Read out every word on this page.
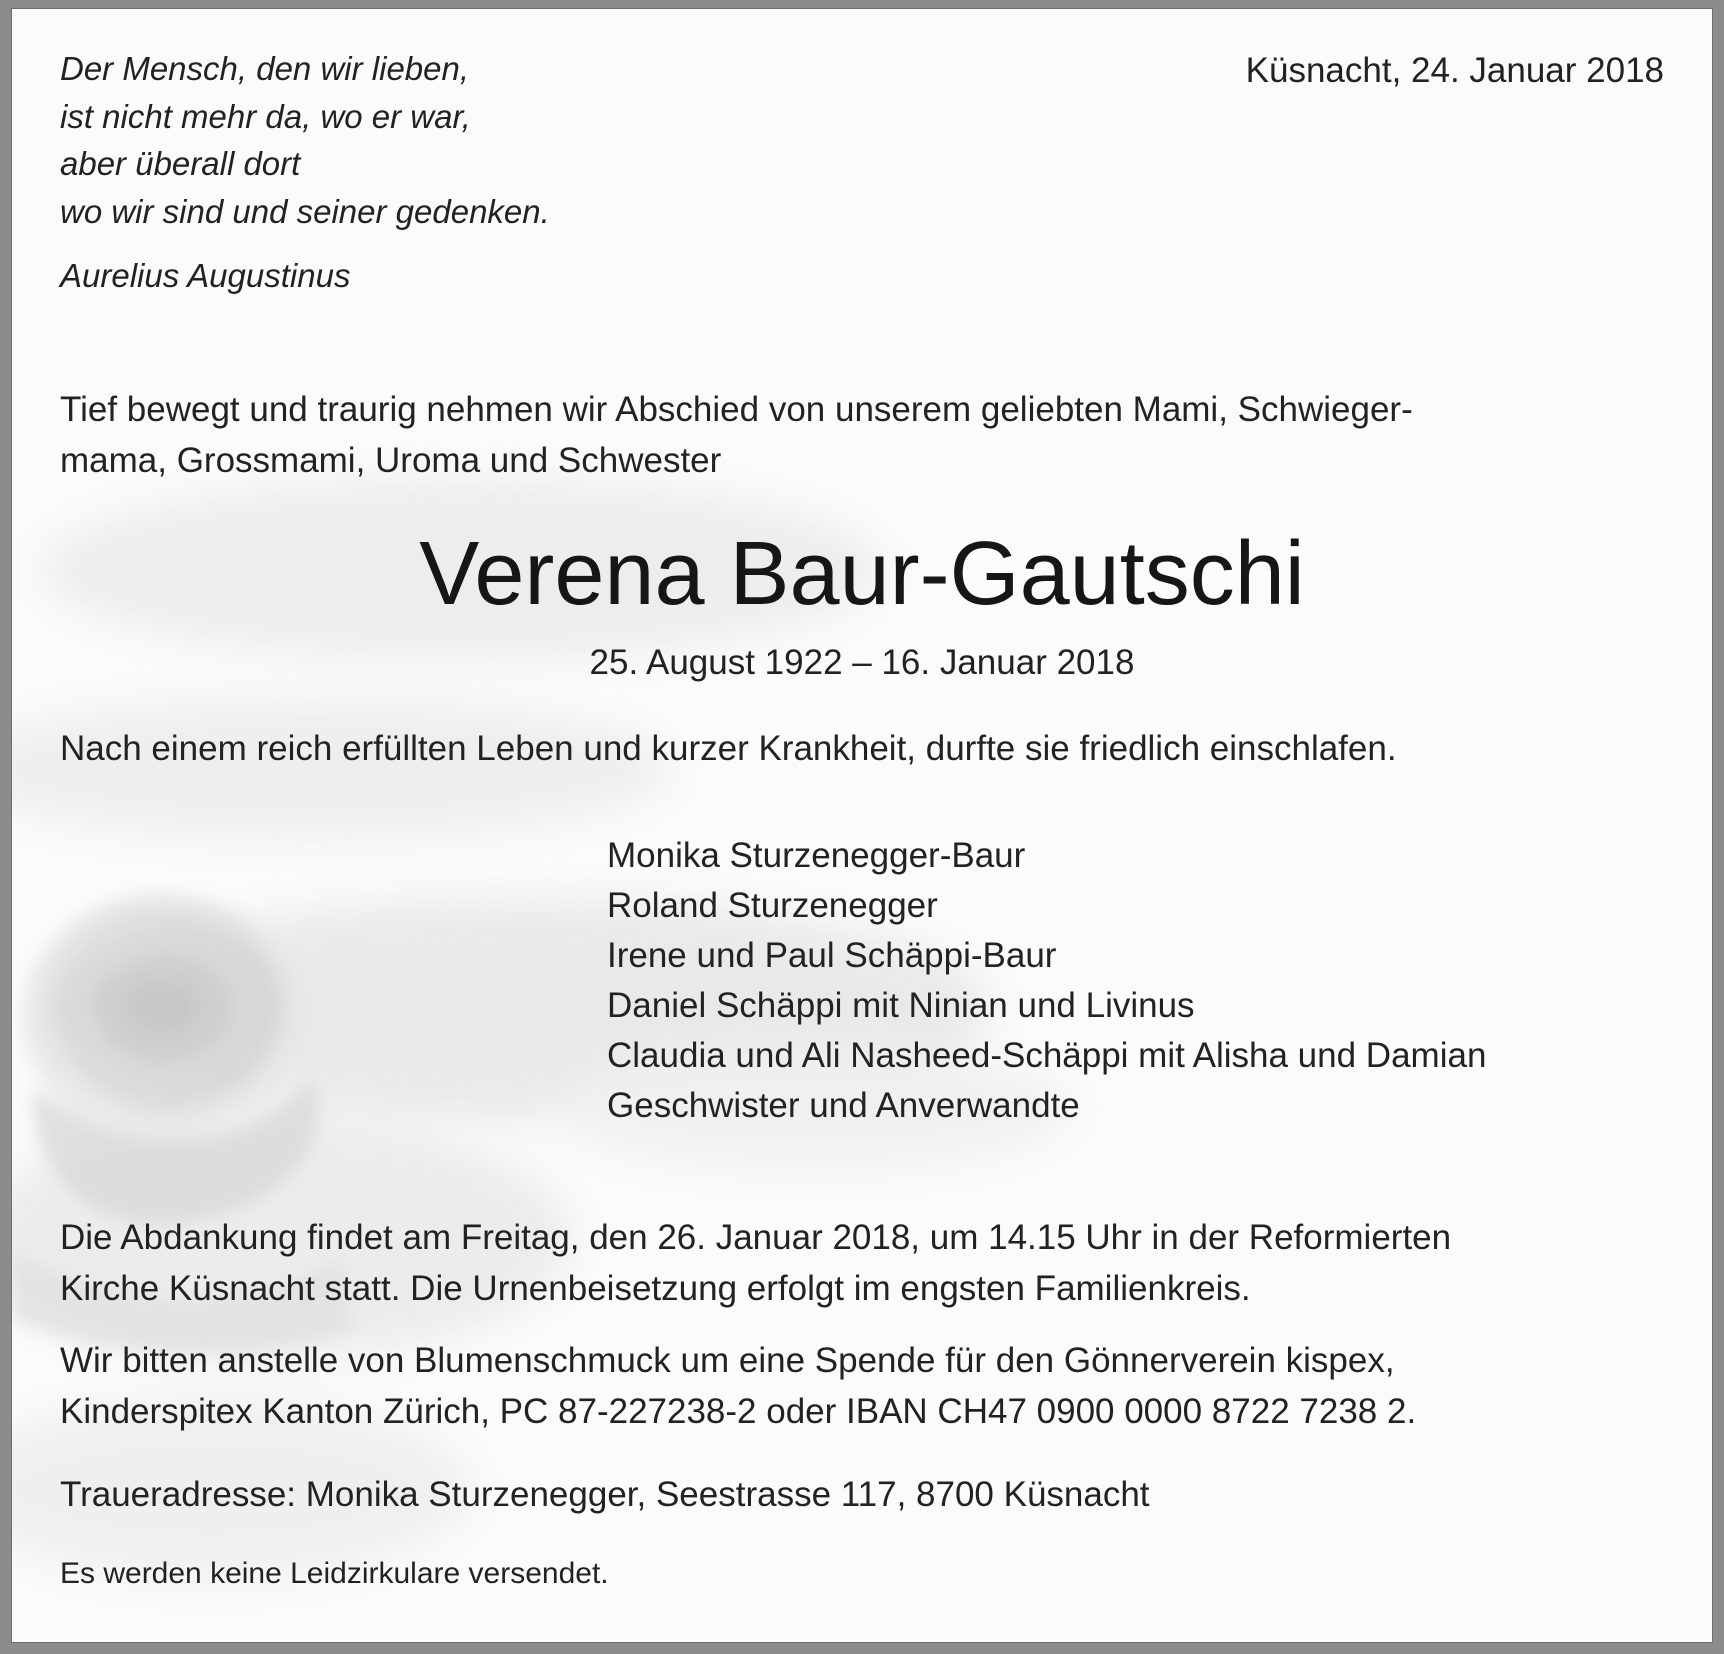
Der Mensch, den wir lieben,
ist nicht mehr da, wo er war,
aber überall dort
wo wir sind und seiner gedenken.
Aurelius Augustinus
Küsnacht, 24. Januar 2018
Tief bewegt und traurig nehmen wir Abschied von unserem geliebten Mami, Schwieger-
mama, Grossmami, Uroma und Schwester
Verena Baur-Gautschi
25. August 1922 – 16. Januar 2018
Nach einem reich erfüllten Leben und kurzer Krankheit, durfte sie friedlich einschlafen.
Monika Sturzenegger-Baur
Roland Sturzenegger
Irene und Paul Schäppi-Baur
Daniel Schäppi mit Ninian und Livinus
Claudia und Ali Nasheed-Schäppi mit Alisha und Damian
Geschwister und Anverwandte
Die Abdankung findet am Freitag, den 26. Januar 2018, um 14.15 Uhr in der Reformierten
Kirche Küsnacht statt. Die Urnenbeisetzung erfolgt im engsten Familienkreis.
Wir bitten anstelle von Blumenschmuck um eine Spende für den Gönnerverein kispex,
Kinderspitex Kanton Zürich, PC 87-227238-2 oder IBAN CH47 0900 0000 8722 7238 2.
Traueradresse: Monika Sturzenegger, Seestrasse 117, 8700 Küsnacht
Es werden keine Leidzirkulare versendet.
